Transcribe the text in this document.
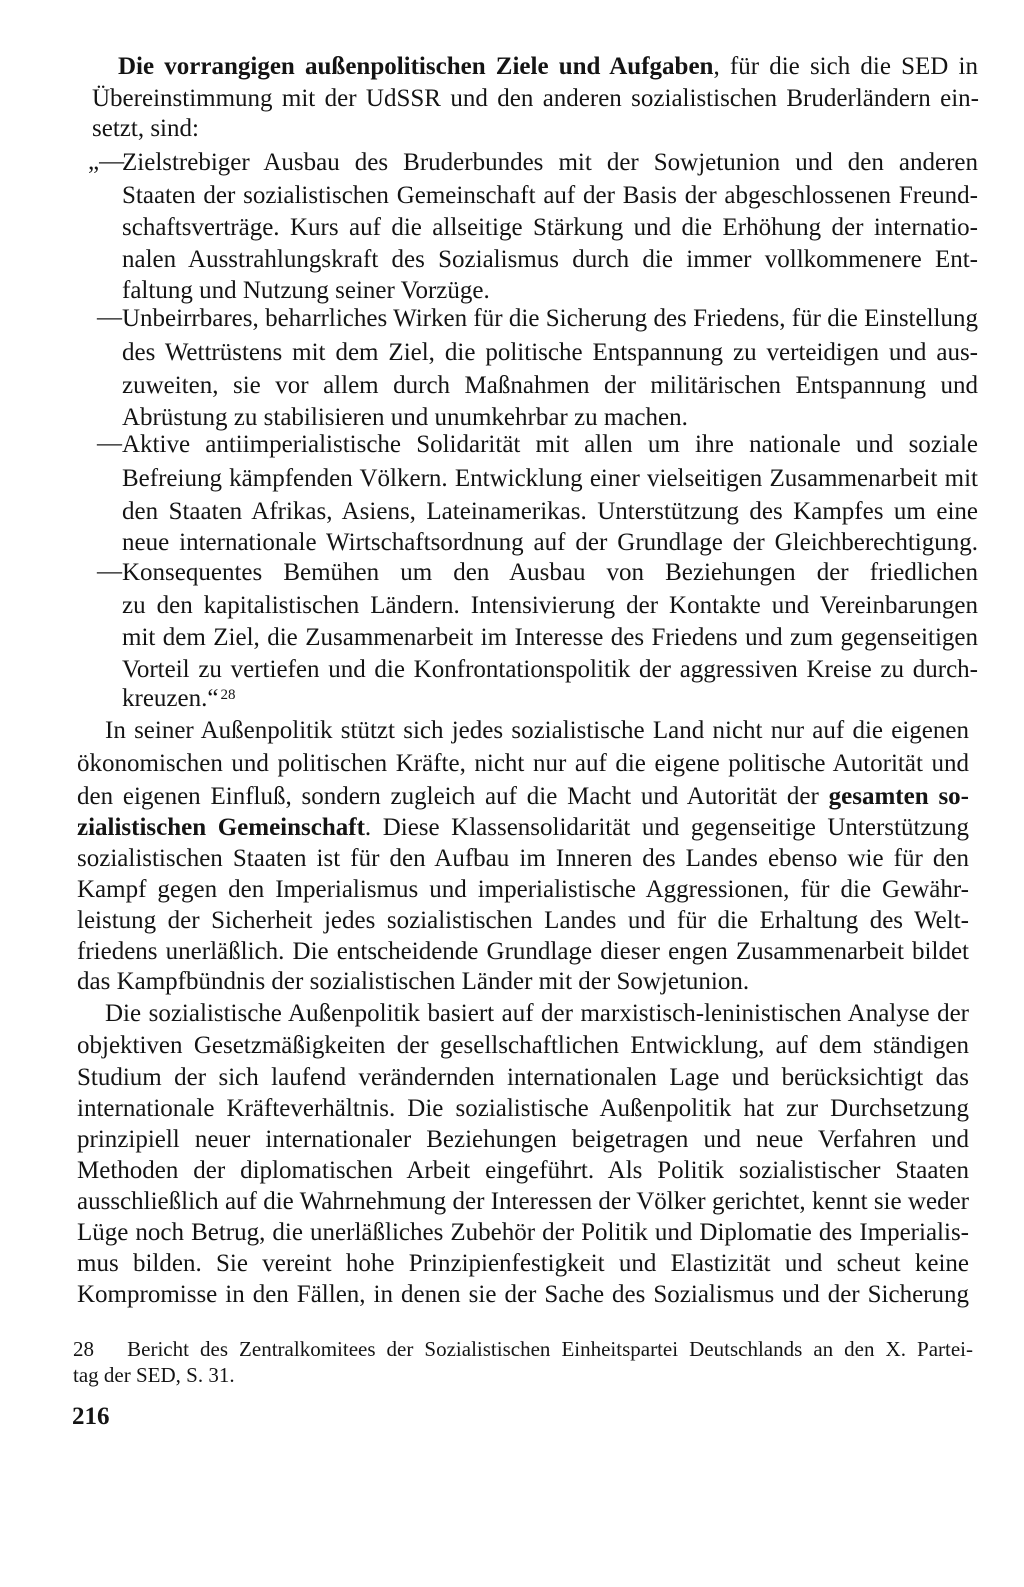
Die vorrangigen außenpolitischen Ziele und Aufgaben, für die sich die SED in
Übereinstimmung mit der UdSSR und den anderen sozialistischen Bruderländern ein-
setzt, sind:
„—
Zielstrebiger Ausbau des Bruderbundes mit der Sowjetunion und den anderen
Staaten der sozialistischen Gemeinschaft auf der Basis der abgeschlossenen Freund-
schaftsverträge. Kurs auf die allseitige Stärkung und die Erhöhung der internatio-
nalen Ausstrahlungskraft des Sozialismus durch die immer vollkommenere Ent-
faltung und Nutzung seiner Vorzüge.
— Unbeirrbares, beharrliches Wirken für die Sicherung des Friedens, für die Einstellung
des Wettrüstens mit dem Ziel, die politische Entspannung zu verteidigen und aus-
zuweiten, sie vor allem durch Maßnahmen der militärischen Entspannung und
Abrüstung zu stabilisieren und unumkehrbar zu machen.
— Aktive antiimperialistische Solidarität mit allen um ihre nationale und soziale
Befreiung kämpfenden Völkern. Entwicklung einer vielseitigen Zusammenarbeit mit
den Staaten Afrikas, Asiens, Lateinamerikas. Unterstützung des Kampfes um eine
neue internationale Wirtschaftsordnung auf der Grundlage der Gleichberechtigung.
— Konsequentes Bemühen um den Ausbau von Beziehungen der friedlichen
zu den kapitalistischen Ländern. Intensivierung der Kontakte und Vereinbarungen
mit dem Ziel, die Zusammenarbeit im Interesse des Friedens und zum gegenseitigen
Vorteil zu vertiefen und die Konfrontationspolitik der aggressiven Kreise zu durch-
kreuzen.“ $^{28}$
In seiner Außenpolitik stützt sich jedes sozialistische Land nicht nur auf die eigenen
ökonomischen und politischen Kräfte, nicht nur auf die eigene politische Autorität und
den eigenen Einfluß, sondern zugleich auf die Macht und Autorität der gesamten so-
zialistischen Gemeinschaft. Diese Klassensolidarität und gegenseitige Unterstützung
sozialistischen Staaten ist für den Aufbau im Inneren des Landes ebenso wie für den
Kampf gegen den Imperialismus und imperialistische Aggressionen, für die Gewähr-
leistung der Sicherheit jedes sozialistischen Landes und für die Erhaltung des Welt-
friedens unerläßlich. Die entscheidende Grundlage dieser engen Zusammenarbeit bildet
das Kampfbündnis der sozialistischen Länder mit der Sowjetunion.
Die sozialistische Außenpolitik basiert auf der marxistisch-leninistischen Analyse der
objektiven Gesetzmäßigkeiten der gesellschaftlichen Entwicklung, auf dem ständigen
Studium der sich laufend verändernden internationalen Lage und berücksichtigt das
internationale Kräfteverhältnis. Die sozialistische Außenpolitik hat zur Durchsetzung
prinzipiell neuer internationaler Beziehungen beigetragen und neue Verfahren und
Methoden der diplomatischen Arbeit eingeführt. Als Politik sozialistischer Staaten
ausschließlich auf die Wahrnehmung der Interessen der Völker gerichtet, kennt sie weder
Lüge noch Betrug, die unerläßliches Zubehör der Politik und Diplomatie des Imperialis-
mus bilden. Sie vereint hohe Prinzipienfestigkeit und Elastizität und scheut keine
Kompromisse in den Fällen, in denen sie der Sache des Sozialismus und der Sicherung
28 Bericht des Zentralkomitees der Sozialistischen Einheitspartei Deutschlands an den X. Partei-
tag der SED, S. 31.
216
